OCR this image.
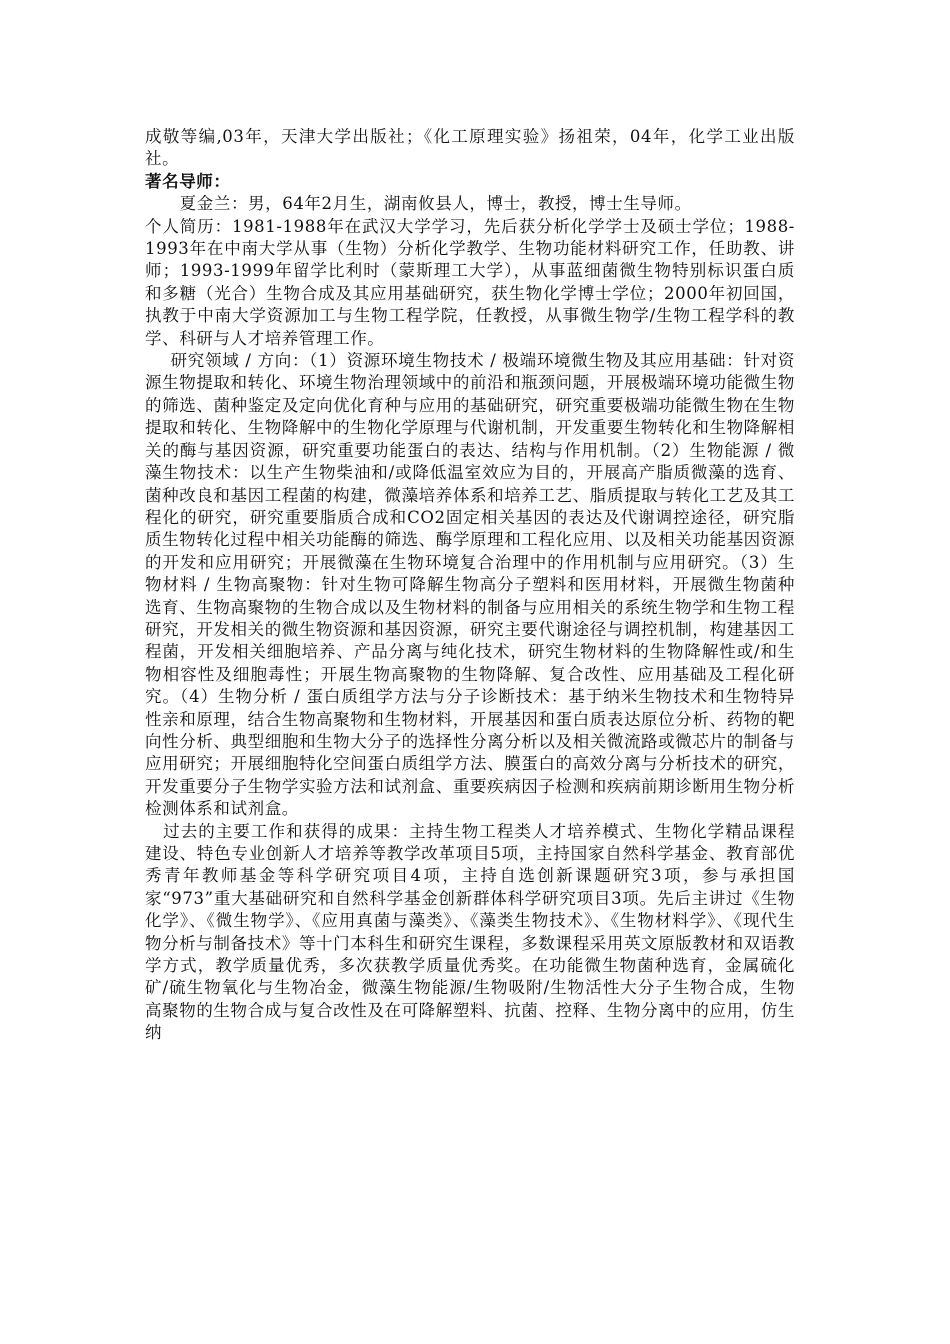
成敬等编,03年，天津大学出版社；《化工原理实验》扬祖荣，04年，化学工业出版社。

著名导师：

夏金兰：男，64年2月生，湖南攸县人，博士，教授，博士生导师。

个人简历：1981-1988年在武汉大学学习，先后获分析化学学士及硕士学位；1988-1993年在中南大学从事（生物）分析化学教学、生物功能材料研究工作，任助教、讲师；1993-1999年留学比利时（蒙斯理工大学），从事蓝细菌微生物特别标识蛋白质和多糖（光合）生物合成及其应用基础研究，获生物化学博士学位；2000年初回国，执教于中南大学资源加工与生物工程学院，任教授，从事微生物学/生物工程学科的教学、科研与人才培养管理工作。

研究领域 / 方向：（1）资源环境生物技术 / 极端环境微生物及其应用基础：针对资源生物提取和转化、环境生物治理领域中的前沿和瓶颈问题，开展极端环境功能微生物的筛选、菌种鉴定及定向优化育种与应用的基础研究，研究重要极端功能微生物在生物提取和转化、生物降解中的生物化学原理与代谢机制，开发重要生物转化和生物降解相关的酶与基因资源，研究重要功能蛋白的表达、结构与作用机制。（2）生物能源 / 微藻生物技术：以生产生物柴油和/或降低温室效应为目的，开展高产脂质微藻的选育、菌种改良和基因工程菌的构建，微藻培养体系和培养工艺、脂质提取与转化工艺及其工程化的研究，研究重要脂质合成和CO2固定相关基因的表达及代谢调控途径，研究脂质生物转化过程中相关功能酶的筛选、酶学原理和工程化应用、以及相关功能基因资源的开发和应用研究；开展微藻在生物环境复合治理中的作用机制与应用研究。（3）生物材料 / 生物高聚物：针对生物可降解生物高分子塑料和医用材料，开展微生物菌种选育、生物高聚物的生物合成以及生物材料的制备与应用相关的系统生物学和生物工程研究，开发相关的微生物资源和基因资源，研究主要代谢途径与调控机制，构建基因工程菌，开发相关细胞培养、产品分离与纯化技术，研究生物材料的生物降解性或/和生物相容性及细胞毒性；开展生物高聚物的生物降解、复合改性、应用基础及工程化研究。（4）生物分析 / 蛋白质组学方法与分子诊断技术：基于纳米生物技术和生物特异性亲和原理，结合生物高聚物和生物材料，开展基因和蛋白质表达原位分析、药物的靶向性分析、典型细胞和生物大分子的选择性分离分析以及相关微流路或微芯片的制备与应用研究；开展细胞特化空间蛋白质组学方法、膜蛋白的高效分离与分析技术的研究，开发重要分子生物学实验方法和试剂盒、重要疾病因子检测和疾病前期诊断用生物分析检测体系和试剂盒。

过去的主要工作和获得的成果：主持生物工程类人才培养模式、生物化学精品课程建设、特色专业创新人才培养等教学改革项目5项，主持国家自然科学基金、教育部优秀青年教师基金等科学研究项目4项，主持自选创新课题研究3项，参与承担国家“973”重大基础研究和自然科学基金创新群体科学研究项目3项。先后主讲过《生物化学》、《微生物学》、《应用真菌与藻类》、《藻类生物技术》、《生物材料学》、《现代生物分析与制备技术》等十门本科生和研究生课程，多数课程采用英文原版教材和双语教学方式，教学质量优秀，多次获教学质量优秀奖。在功能微生物菌种选育，金属硫化矿/硫生物氧化与生物冶金，微藻生物能源/生物吸附/生物活性大分子生物合成，生物高聚物的生物合成与复合改性及在可降解塑料、抗菌、控释、生物分离中的应用，仿生纳
